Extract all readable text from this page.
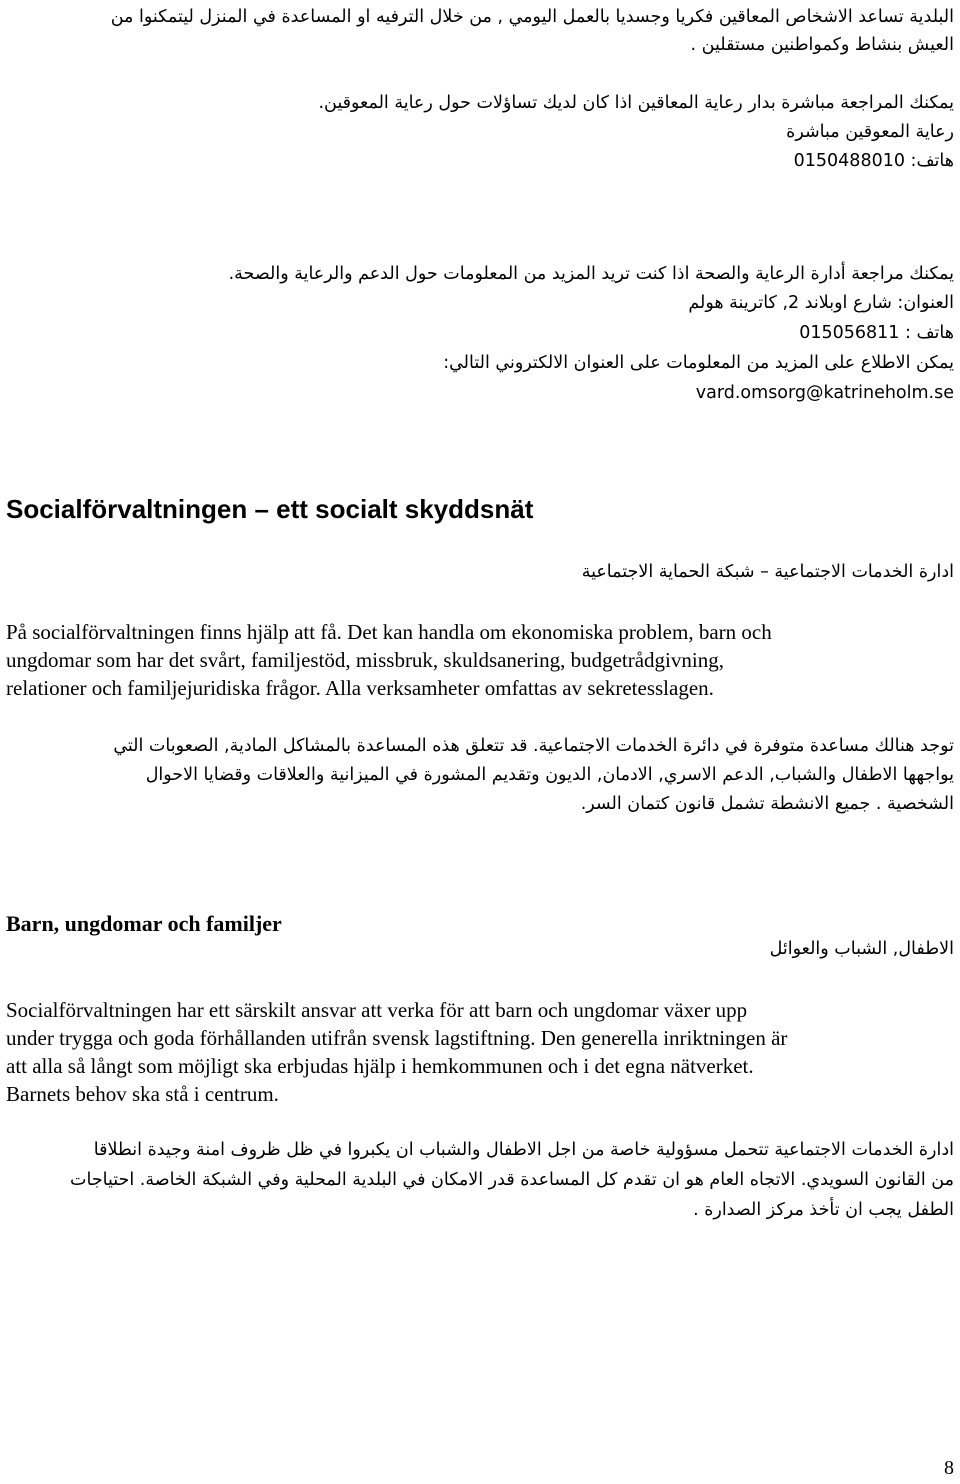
البلدية تساعد الاشخاص المعاقين فكريا وجسديا بالعمل اليومي , من خلال الترفيه او المساعدة في المنزل ليتمكنوا من
العيش بنشاط وكمواطنين مستقلين .
يمكنك المراجعة مباشرة بدار رعاية المعاقين اذا كان لديك تساؤلات حول رعاية المعوقين.
رعاية المعوقين مباشرة
هاتف: 0150488010
يمكنك مراجعة أدارة الرعاية والصحة اذا كنت تريد المزيد من المعلومات حول الدعم والرعاية والصحة.
العنوان: شارع اوبلاند 2, كاترينة هولم
هاتف : 015056811
يمكن الاطلاع على المزيد من المعلومات على العنوان الالكتروني التالي:
vard.omsorg@katrineholm.se
Socialförvaltningen – ett socialt skyddsnät
ادارة الخدمات الاجتماعية – شبكة الحماية الاجتماعية
På socialförvaltningen finns hjälp att få. Det kan handla om ekonomiska problem, barn och
ungdomar som har det svårt, familjestöd, missbruk, skuldsanering, budgetrådgivning,
relationer och familjejuridiska frågor. Alla verksamheter omfattas av sekretesslagen.
توجد هنالك مساعدة متوفرة في دائرة الخدمات الاجتماعية. قد تتعلق هذه المساعدة بالمشاكل المادية, الصعوبات التي
يواجهها الاطفال والشباب, الدعم الاسري, الادمان, الديون وتقديم المشورة في الميزانية والعلاقات وقضايا الاحوال
الشخصية . جميع الانشطة تشمل قانون كتمان السر.
Barn, ungdomar och familjer
الاطفال, الشباب والعوائل
Socialförvaltningen har ett särskilt ansvar att verka för att barn och ungdomar växer upp
under trygga och goda förhållanden utifrån svensk lagstiftning. Den generella inriktningen är
att alla så långt som möjligt ska erbjudas hjälp i hemkommunen och i det egna nätverket.
Barnets behov ska stå i centrum.
ادارة الخدمات الاجتماعية تتحمل مسؤولية خاصة من اجل الاطفال والشباب ان يكبروا في ظل ظروف امنة وجيدة انطلاقا
من القانون السويدي. الاتجاه العام هو ان تقدم كل المساعدة قدر الامكان في البلدية المحلية وفي الشبكة الخاصة. احتياجات
الطفل يجب ان تأخذ مركز الصدارة .
8
